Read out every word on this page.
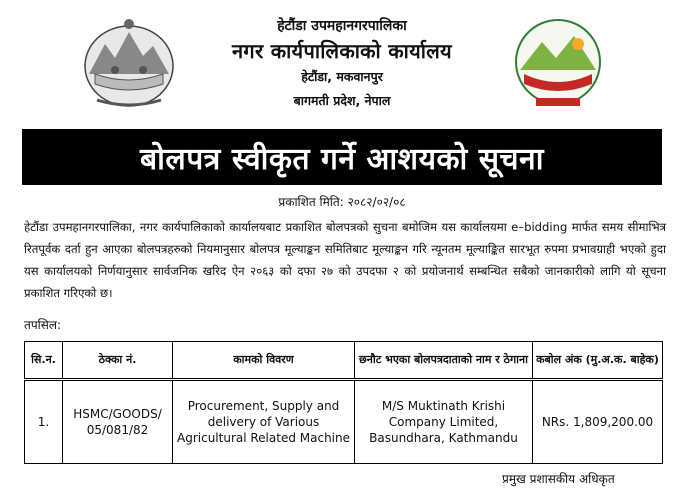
हेटौंडा उपमहानगरपालिका
नगर कार्यपालिकाको कार्यालय
हेटौंडा, मकवानपुर
बागमती प्रदेश, नेपाल
बोलपत्र स्वीकृत गर्ने आशयको सूचना
प्रकाशित मिति: २०८२/०२/०८
हेटौंडा उपमहानगरपालिका, नगर कार्यपालिकाको कार्यालयबाट प्रकाशित बोलपत्रको सुचना बमोजिम यस कार्यालयमा e–bidding मार्फत समय सीमाभित्र रितपूर्वक दर्ता हुन आएका बोलपत्रहरुको नियमानुसार बोलपत्र मूल्याङ्कन समितिबाट मूल्याङ्कन गरि न्यूनतम मूल्याङ्कित सारभूत रुपमा प्रभावग्राही भएको हुदा यस कार्यालयको निर्णयानुसार सार्वजनिक खरिद ऐन २०६३ को दफा २७ को उपदफा २ को प्रयोजनार्थ सम्बन्धित सबैको जानकारीको लागि यो सूचना प्रकाशित गरिएको छ।
तपसिल:
सि.न.	ठेक्का नं.	कामको विवरण	छनौट भएका बोलपत्रदाताको नाम र ठेगाना	कबोल अंक (मु.अ.क. बाहेक)
1.	HSMC/GOODS/ 05/081/82	Procurement, Supply and delivery of Various Agricultural Related Machine	M/S Muktinath Krishi Company Limited, Basundhara, Kathmandu	NRs. 1,809,200.00
प्रमुख प्रशासकीय अधिकृत
